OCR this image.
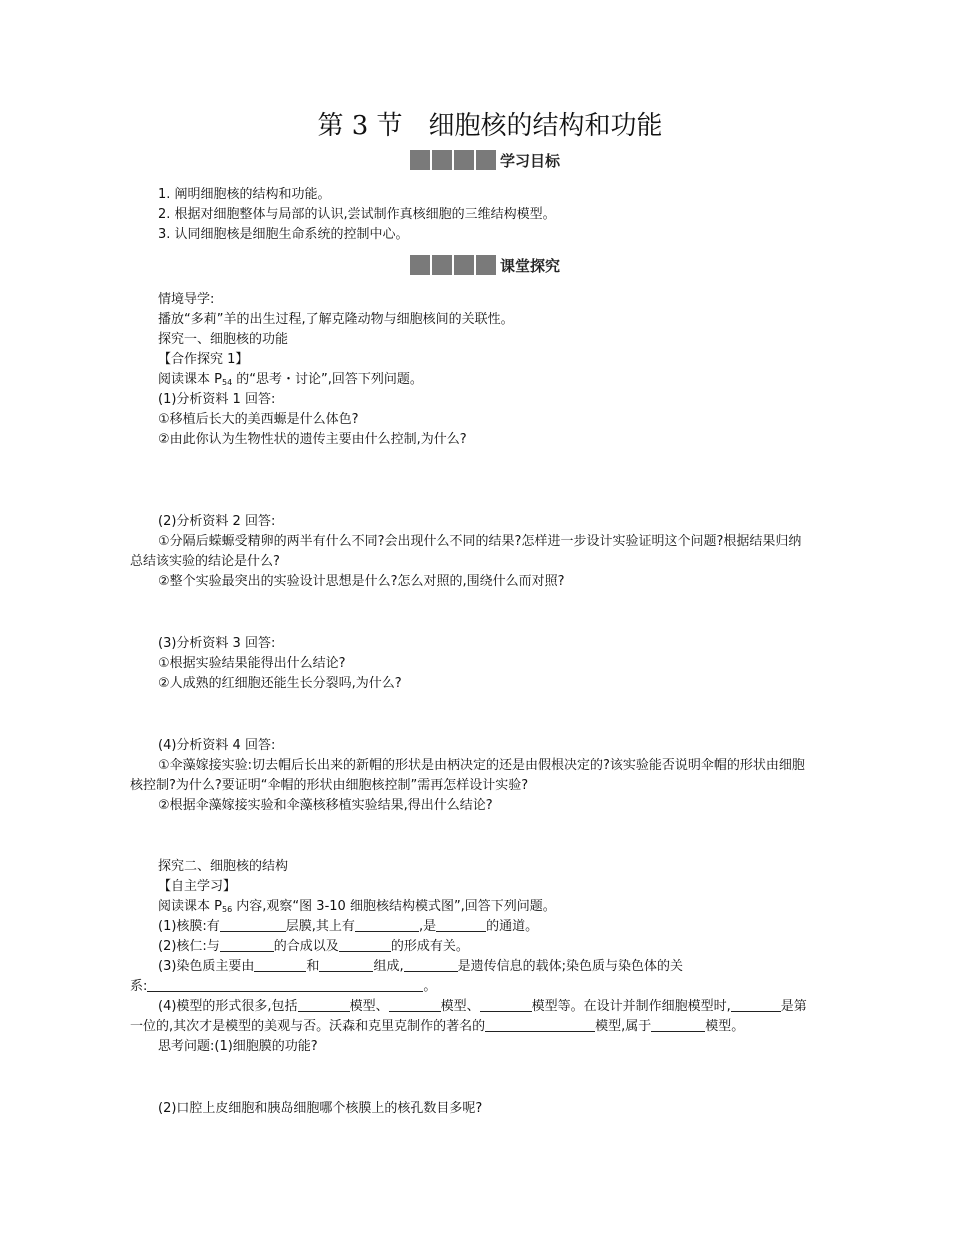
第 3 节　细胞核的结构和功能
学习目标
1. 阐明细胞核的结构和功能。
2. 根据对细胞整体与局部的认识,尝试制作真核细胞的三维结构模型。
3. 认同细胞核是细胞生命系统的控制中心。
课堂探究
情境导学:
播放“多莉”羊的出生过程,了解克隆动物与细胞核间的关联性。
探究一、细胞核的功能
【合作探究 1】
阅读课本 $P_{54}$ 的“思考・讨论”,回答下列问题。
(1)分析资料 1 回答:
①移植后长大的美西螈是什么体色?
②由此你认为生物性状的遗传主要由什么控制,为什么?
(2)分析资料 2 回答:
①分隔后蝾螈受精卵的两半有什么不同?会出现什么不同的结果?怎样进一步设计实验证明这个问题?根据结果归纳
总结该实验的结论是什么?
②整个实验最突出的实验设计思想是什么?怎么对照的,围绕什么而对照?
(3)分析资料 3 回答:
①根据实验结果能得出什么结论?
②人成熟的红细胞还能生长分裂吗,为什么?
(4)分析资料 4 回答:
①伞藻嫁接实验:切去帽后长出来的新帽的形状是由柄决定的还是由假根决定的?该实验能否说明伞帽的形状由细胞
核控制?为什么?要证明“伞帽的形状由细胞核控制”需再怎样设计实验?
②根据伞藻嫁接实验和伞藻核移植实验结果,得出什么结论?
探究二、细胞核的结构
【自主学习】
阅读课本 $P_{56}$ 内容,观察“图 3-10 细胞核结构模式图”,回答下列问题。
(1)核膜:有	层膜,其上有	,是	的通道。
(2)核仁:与	的合成以及	的形成有关。
(3)染色质主要由	和	组成,	是遗传信息的载体;染色质与染色体的关
系:	。
(4)模型的形式很多,包括	模型、	模型、	模型等。在设计并制作细胞模型时,	是第
一位的,其次才是模型的美观与否。沃森和克里克制作的著名的	模型,属于	模型。
思考问题:(1)细胞膜的功能?
(2)口腔上皮细胞和胰岛细胞哪个核膜上的核孔数目多呢?
